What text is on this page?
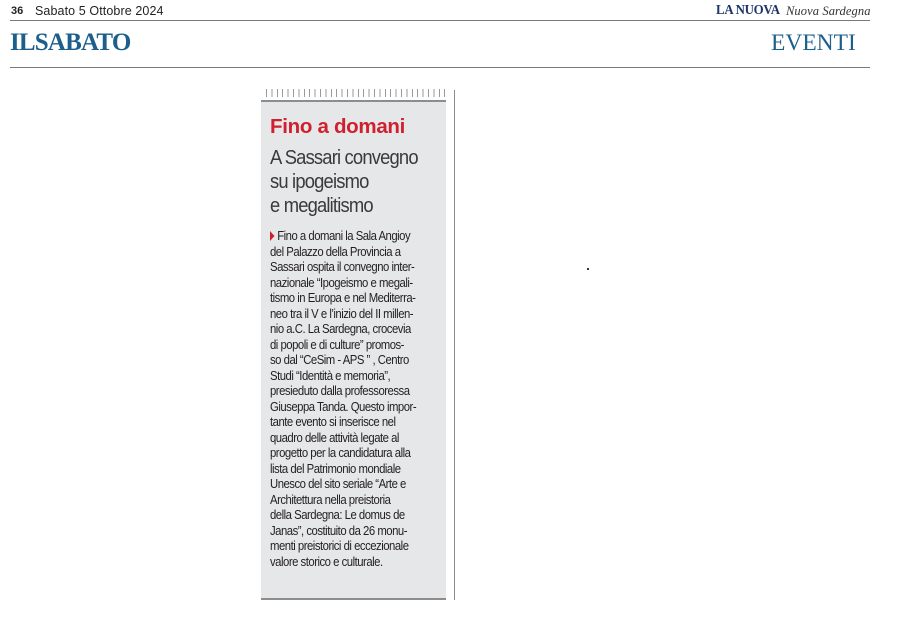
36 Sabato 5 Ottobre 2024	LA NUOVA Nuova Sardegna
ILSABATO	EVENTI
Fino a domani
A Sassari convegno
su ipogeismo
e megalitismo
Fino a domani la Sala Angioy
del Palazzo della Provincia a
Sassari ospita il convegno inter-
nazionale “Ipogeismo e megali-
tismo in Europa e nel Mediterra-
neo tra il V e l’inizio del II millen-
nio a.C. La Sardegna, crocevia
di popoli e di culture” promos-
so dal “CeSim - APS ” , Centro
Studi “Identità e memoria”,
presieduto dalla professoressa
Giuseppa Tanda. Questo impor-
tante evento si inserisce nel
quadro delle attività legate al
progetto per la candidatura alla
lista del Patrimonio mondiale
Unesco del sito seriale “Arte e
Architettura nella preistoria
della Sardegna: Le domus de
Janas”, costituito da 26 monu-
menti preistorici di eccezionale
valore storico e culturale.
